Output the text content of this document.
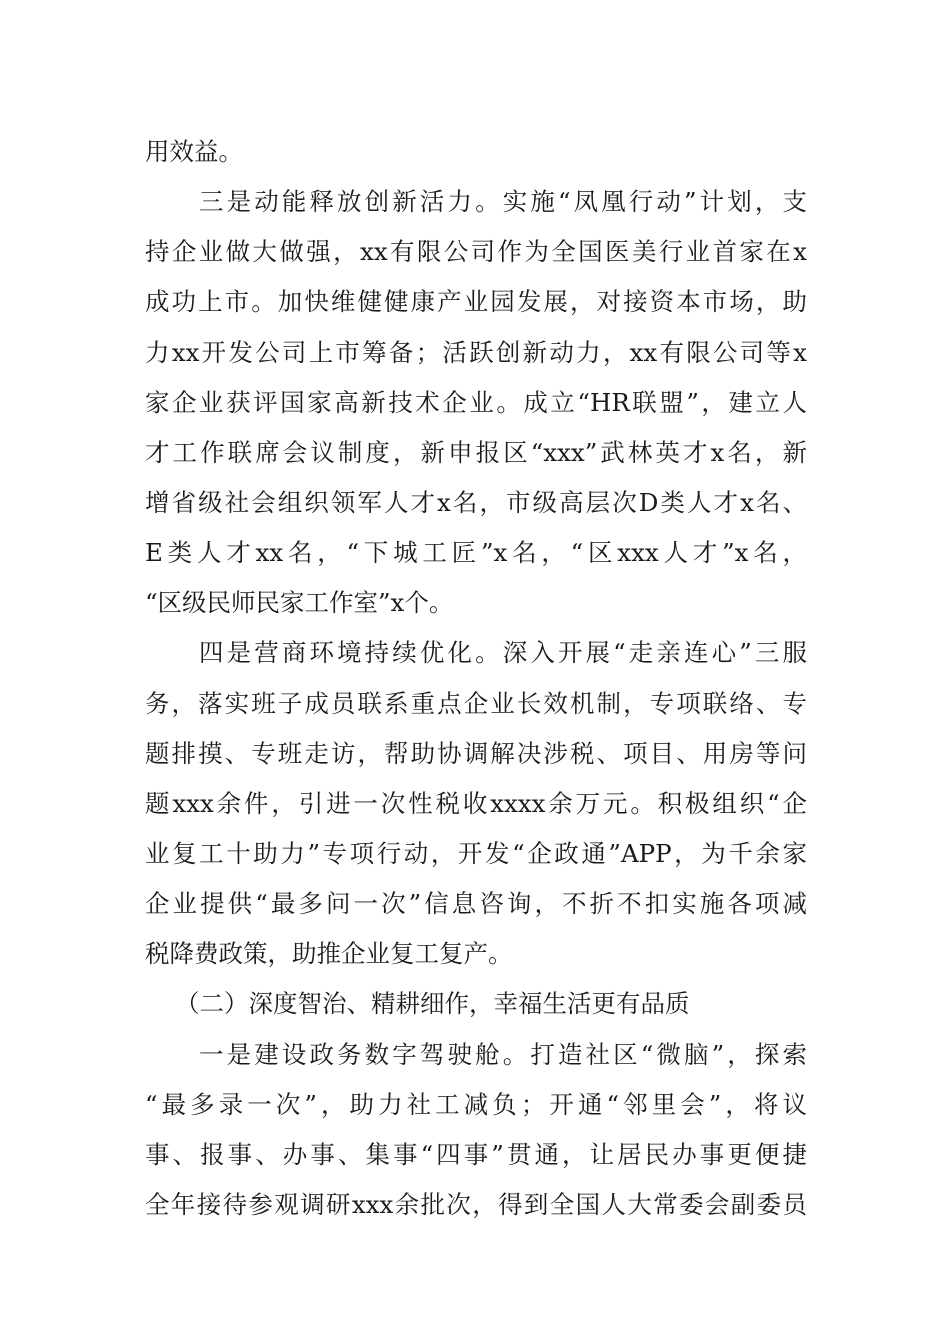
用效益。
三是动能释放创新活力。实施“凤凰行动”计划，支
持企业做大做强，xx有限公司作为全国医美行业首家在x
成功上市。加快维健健康产业园发展，对接资本市场，助
力xx开发公司上市筹备；活跃创新动力，xx有限公司等x
家企业获评国家高新技术企业。成立“HR联盟”，建立人
才工作联席会议制度，新申报区“xxx”武林英才x名，新
增省级社会组织领军人才x名，市级高层次D类人才x名、
E类人才xx名，“下城工匠”x名，“区xxx人才”x名，
“区级民师民家工作室”x个。
四是营商环境持续优化。深入开展“走亲连心”三服
务，落实班子成员联系重点企业长效机制，专项联络、专
题排摸、专班走访，帮助协调解决涉税、项目、用房等问
题xxx余件，引进一次性税收xxxx余万元。积极组织“企
业复工十助力”专项行动，开发“企政通”APP，为千余家
企业提供“最多问一次”信息咨询，不折不扣实施各项减
税降费政策，助推企业复工复产。
（二）深度智治、精耕细作，幸福生活更有品质
一是建设政务数字驾驶舱。打造社区“微脑”，探索
“最多录一次”，助力社工减负；开通“邻里会”，将议
事、报事、办事、集事“四事”贯通，让居民办事更便捷
全年接待参观调研xxx余批次，得到全国人大常委会副委员
